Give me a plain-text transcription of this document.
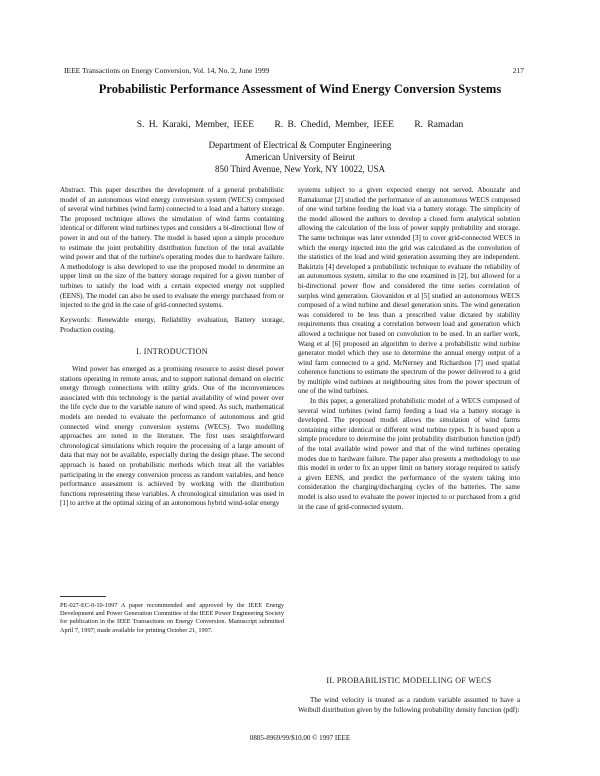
IEEE Transactions on Energy Conversion, Vol. 14, No. 2, June 1999	217
Probabilistic Performance Assessment of Wind Energy Conversion Systems
S. H. Karaki, Member, IEEE R. B. Chedid, Member, IEEE R. Ramadan
Department of Electrical & Computer Engineering
American University of Beirut
850 Third Avenue, New York, NY 10022, USA

Abstract. This paper describes the development of a general probabilistic model of an autonomous wind energy conversion system (WECS) composed of several wind turbines (wind farm) connected to a load and a battery storage. The proposed technique allows the simulation of wind farms containing identical or different wind turbines types and considers a bi-directional flow of power in and out of the battery. The model is based upon a simple procedure to estimate the joint probability distribution function of the total available wind power and that of the turbine's operating modes due to hardware failure. A methodology is also developed to use the proposed model to determine an upper limit on the size of the battery storage required for a given number of turbines to satisfy the load with a certain expected energy not supplied (EENS). The model can also be used to evaluate the energy purchased from or injected to the grid in the case of grid-connected systems.

Keywords: Renewable energy, Reliability evaluation, Battery storage, Production costing.

I. INTRODUCTION

Wind power has emerged as a promising resource to assist diesel power stations operating in remote areas, and to support national demand on electric energy through connections with utility grids. One of the inconveniences associated with this technology is the partial availability of wind power over the life cycle due to the variable nature of wind speed. As such, mathematical models are needed to evaluate the performance of autonomous and grid connected wind energy conversion systems (WECS). Two modelling approaches are noted in the literature. The first uses straightforward chronological simulations which require the processing of a large amount of data that may not be available, especially during the design phase. The second approach is based on probabilistic methods which treat all the variables participating in the energy conversion process as random variables, and hence performance assessment is achieved by working with the distribution functions representing these variables. A chronological simulation was used in [1] to arrive at the optimal sizing of an autonomous hybrid wind-solar energy

PE-027-EC-0-10-1997 A paper recommended and approved by the IEEE Energy Development and Power Generation Committee of the IEEE Power Engineering Society for publication in the IEEE Transactions on Energy Conversion. Manuscript submitted April 7, 1997; made available for printing October 21, 1997.

systems subject to a given expected energy not served. Abouzahr and Ramakumar [2] studied the performance of an autonomous WECS composed of one wind turbine feeding the load via a battery storage. The simplicity of the model allowed the authors to develop a closed form analytical solution allowing the calculation of the loss of power supply probability and storage. The same technique was later extended [3] to cover grid-connected WECS in which the energy injected into the grid was calculated as the convolution of the statistics of the load and wind generation assuming they are independent. Bakirtzis [4] developed a probabilistic technique to evaluate the reliability of an autonomous system, similar to the one examined in [2], but allowed for a bi-directional power flow and considered the time series correlation of surplus wind generation. Giovanidou et al [5] studied an autonomous WECS composed of a wind turbine and diesel generation units. The wind generation was considered to be less than a prescribed value dictated by stability requirements thus creating a correlation between load and generation which allowed a technique not based on convolution to be used. In an earlier work, Wang et al [6] proposed an algorithm to derive a probabilistic wind turbine generator model which they use to determine the annual energy output of a wind farm connected to a grid. McNerney and Richardson [7] used spatial coherence functions to estimate the spectrum of the power delivered to a grid by multiple wind turbines at neighbouring sites from the power spectrum of one of the wind turbines.

In this paper, a generalized probabilistic model of a WECS composed of several wind turbines (wind farm) feeding a load via a battery storage is developed. The proposed model allows the simulation of wind farms containing either identical or different wind turbine types. It is based upon a simple procedure to determine the joint probability distribution function (pdf) of the total available wind power and that of the wind turbines operating modes due to hardware failure. The paper also presents a methodology to use this model in order to fix an upper limit on battery storage required to satisfy a given EENS, and predict the performance of the system taking into consideration the charging/discharging cycles of the batteries. The same model is also used to evaluate the power injected to or purchased from a grid in the case of grid-connected system.

II. PROBABILISTIC MODELLING OF WECS

The wind velocity is treated as a random variable assumed to have a Weibull distribution given by the following probability density function (pdf):

0885-8969/99/$10.00 © 1997 IEEE
